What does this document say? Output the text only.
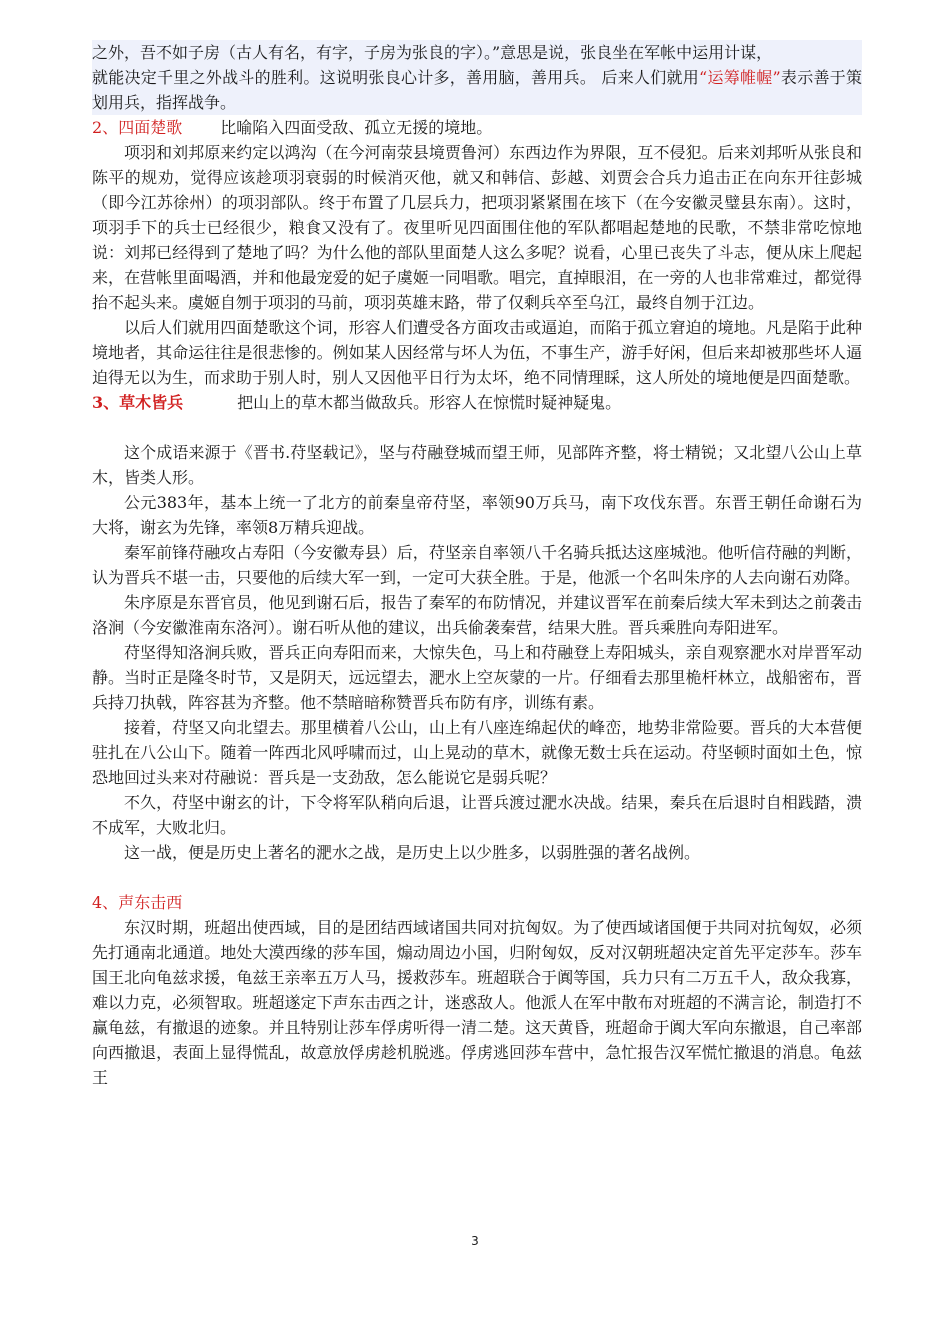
之外，吾不如子房（古人有名，有字，子房为张良的字）。”意思是说，张良坐在军帐中运用计谋，

就能决定千里之外战斗的胜利。这说明张良心计多，善用脑，善用兵。 后来人们就用“运筹帷幄”表示善于策划用兵，指挥战争。

2、 四面楚歌 比喻陷入四面受敌、孤立无援的境地。

项羽和刘邦原来约定以鸿沟（在今河南荥县境贾鲁河）东西边作为界限，互不侵犯。后来刘邦听从张良和陈平的规劝，觉得应该趁项羽衰弱的时候消灭他，就又和韩信、彭越、刘贾会合兵力追击正在向东开往彭城（即今江苏徐州）的项羽部队。终于布置了几层兵力，把项羽紧紧围在垓下（在今安徽灵璧县东南）。这时，项羽手下的兵士已经很少，粮食又没有了。夜里听见四面围住他的军队都唱起楚地的民歌，不禁非常吃惊地说：刘邦已经得到了楚地了吗？为什么他的部队里面楚人这么多呢？说看，心里已丧失了斗志，便从床上爬起来，在营帐里面喝酒，并和他最宠爱的妃子虞姬一同唱歌。唱完，直掉眼泪，在一旁的人也非常难过，都觉得抬不起头来。虞姬自刎于项羽的马前，项羽英雄末路，带了仅剩兵卒至乌江，最终自刎于江边。

以后人们就用四面楚歌这个词，形容人们遭受各方面攻击或逼迫，而陷于孤立窘迫的境地。凡是陷于此种境地者，其命运往往是很悲惨的。例如某人因经常与坏人为伍，不事生产，游手好闲，但后来却被那些坏人逼迫得无以为生，而求助于别人时，别人又因他平日行为太坏，绝不同情理睬，这人所处的境地便是四面楚歌。

3、 草木皆兵	把山上的草木都当做敌兵。形容人在惊慌时疑神疑鬼。

这个成语来源于《晋书.苻坚载记》，坚与苻融登城而望王师，见部阵齐整，将士精锐；又北望八公山上草木，皆类人形。

公元383年，基本上统一了北方的前秦皇帝苻坚，率领90万兵马，南下攻伐东晋。东晋王朝任命谢石为大将，谢玄为先锋，率领8万精兵迎战。

秦军前锋苻融攻占寿阳（今安徽寿县）后，苻坚亲自率领八千名骑兵抵达这座城池。他听信苻融的判断，认为晋兵不堪一击，只要他的后续大军一到，一定可大获全胜。于是，他派一个名叫朱序的人去向谢石劝降。

朱序原是东晋官员，他见到谢石后，报告了秦军的布防情况，并建议晋军在前秦后续大军未到达之前袭击洛涧（今安徽淮南东洛河）。谢石听从他的建议，出兵偷袭秦营，结果大胜。晋兵乘胜向寿阳进军。

苻坚得知洛涧兵败，晋兵正向寿阳而来，大惊失色，马上和苻融登上寿阳城头，亲自观察淝水对岸晋军动静。当时正是隆冬时节，又是阴天，远远望去，淝水上空灰蒙的一片。仔细看去那里桅杆林立，战船密布，晋兵持刀执戟，阵容甚为齐整。他不禁暗暗称赞晋兵布防有序，训练有素。

接着，苻坚又向北望去。那里横着八公山，山上有八座连绵起伏的峰峦，地势非常险要。晋兵的大本营便驻扎在八公山下。随着一阵西北风呼啸而过，山上晃动的草木，就像无数士兵在运动。苻坚顿时面如土色，惊恐地回过头来对苻融说：晋兵是一支劲敌，怎么能说它是弱兵呢？

不久，苻坚中谢玄的计，下令将军队稍向后退，让晋兵渡过淝水决战。结果，秦兵在后退时自相践踏，溃不成军，大败北归。

这一战，便是历史上著名的淝水之战，是历史上以少胜多，以弱胜强的著名战例。

4、 声东击西

东汉时期，班超出使西域，目的是团结西域诸国共同对抗匈奴。为了使西域诸国便于共同对抗匈奴，必须先打通南北通道。地处大漠西缘的莎车国，煽动周边小国，归附匈奴，反对汉朝班超决定首先平定莎车。莎车国王北向龟兹求援，龟兹王亲率五万人马，援救莎车。班超联合于阗等国，兵力只有二万五千人，敌众我寡，难以力克，必须智取。班超遂定下声东击西之计，迷惑敌人。他派人在军中散布对班超的不满言论，制造打不赢龟兹，有撤退的迹象。并且特别让莎车俘虏听得一清二楚。这天黄昏，班超命于阗大军向东撤退，自己率部向西撤退，表面上显得慌乱，故意放俘虏趁机脱逃。俘虏逃回莎车营中，急忙报告汉军慌忙撤退的消息。龟兹王

3
